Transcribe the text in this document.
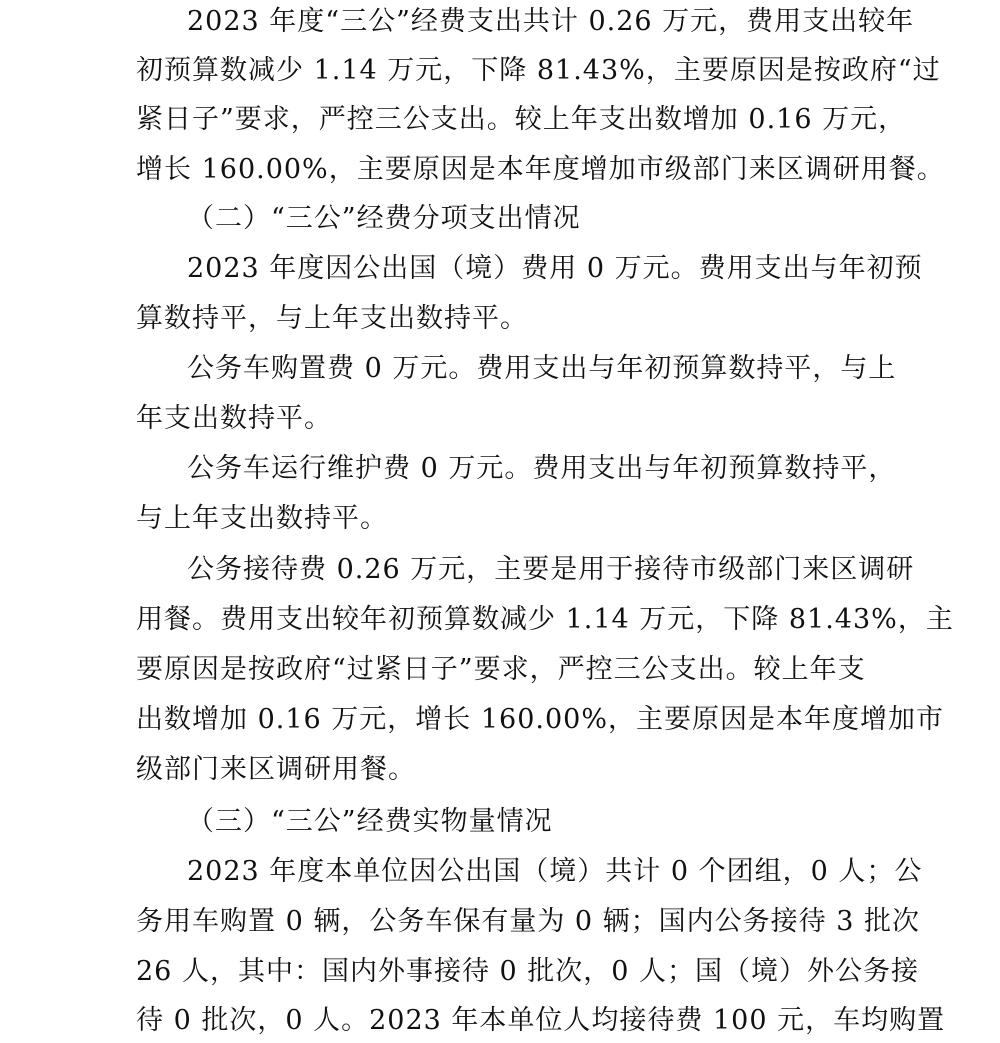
2023 年度“三公”经费支出共计 0.26 万元，费用支出较年
初预算数减少 1.14 万元，下降 81.43%，主要原因是按政府“过
紧日子”要求，严控三公支出。较上年支出数增加 0.16 万元，
增长 160.00%，主要原因是本年度增加市级部门来区调研用餐。
（二）“三公”经费分项支出情况
2023 年度因公出国（境）费用 0 万元。费用支出与年初预
算数持平，与上年支出数持平。
公务车购置费 0 万元。费用支出与年初预算数持平，与上
年支出数持平。
公务车运行维护费 0 万元。费用支出与年初预算数持平，
与上年支出数持平。
公务接待费 0.26 万元，主要是用于接待市级部门来区调研
用餐。费用支出较年初预算数减少 1.14 万元，下降 81.43%，主
要原因是按政府“过紧日子”要求，严控三公支出。较上年支
出数增加 0.16 万元，增长 160.00%，主要原因是本年度增加市
级部门来区调研用餐。
（三）“三公”经费实物量情况
2023 年度本单位因公出国（境）共计 0 个团组，0 人；公
务用车购置 0 辆，公务车保有量为 0 辆；国内公务接待 3 批次
26 人，其中：国内外事接待 0 批次，0 人；国（境）外公务接
待 0 批次，0 人。2023 年本单位人均接待费 100 元，车均购置
